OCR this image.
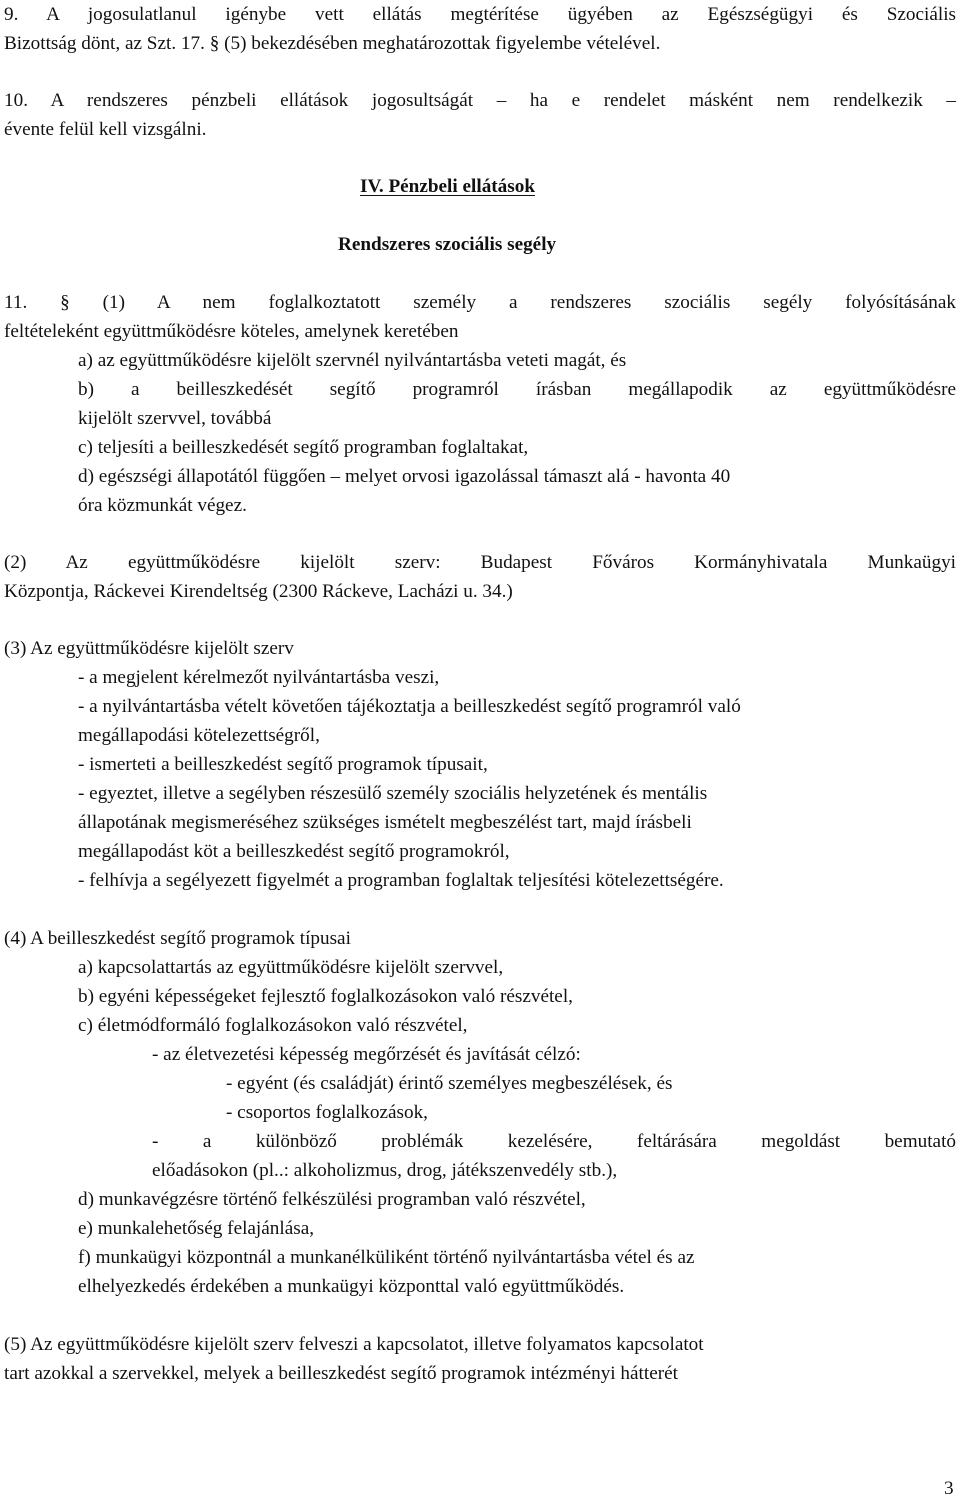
9. A jogosulatlanul igénybe vett ellátás megtérítése ügyében az Egészségügyi és Szociális
Bizottság dönt, az Szt. 17. § (5) bekezdésében meghatározottak figyelembe vételével.
10. A rendszeres pénzbeli ellátások jogosultságát – ha e rendelet másként nem rendelkezik –
évente felül kell vizsgálni.
IV. Pénzbeli ellátások
Rendszeres szociális segély
11. § (1) A nem foglalkoztatott személy a rendszeres szociális segély folyósításának
feltételeként együttműködésre köteles, amelynek keretében
a) az együttműködésre kijelölt szervnél nyilvántartásba veteti magát, és
b) a beilleszkedését segítő programról írásban megállapodik az együttműködésre
kijelölt szervvel, továbbá
c) teljesíti a beilleszkedését segítő programban foglaltakat,
d) egészségi állapotától függően – melyet orvosi igazolással támaszt alá - havonta 40
óra közmunkát végez.
(2) Az együttműködésre kijelölt szerv: Budapest Főváros Kormányhivatala Munkaügyi
Központja, Ráckevei Kirendeltség (2300 Ráckeve, Lacházi u. 34.)
(3) Az együttműködésre kijelölt szerv
- a megjelent kérelmezőt nyilvántartásba veszi,
- a nyilvántartásba vételt követően tájékoztatja a beilleszkedést segítő programról való
megállapodási kötelezettségről,
- ismerteti a beilleszkedést segítő programok típusait,
- egyeztet, illetve a segélyben részesülő személy szociális helyzetének és mentális
állapotának megismeréséhez szükséges ismételt megbeszélést tart, majd írásbeli
megállapodást köt a beilleszkedést segítő programokról,
- felhívja a segélyezett figyelmét a programban foglaltak teljesítési kötelezettségére.
(4) A beilleszkedést segítő programok típusai
a) kapcsolattartás az együttműködésre kijelölt szervvel,
b) egyéni képességeket fejlesztő foglalkozásokon való részvétel,
c) életmódformáló foglalkozásokon való részvétel,
- az életvezetési képesség megőrzését és javítását célzó:
- egyént (és családját) érintő személyes megbeszélések, és
- csoportos foglalkozások,
- a különböző problémák kezelésére, feltárására megoldást bemutató
előadásokon (pl..: alkoholizmus, drog, játékszenvedély stb.),
d) munkavégzésre történő felkészülési programban való részvétel,
e) munkalehetőség felajánlása,
f) munkaügyi központnál a munkanélküliként történő nyilvántartásba vétel és az
elhelyezkedés érdekében a munkaügyi központtal való együttműködés.
(5) Az együttműködésre kijelölt szerv felveszi a kapcsolatot, illetve folyamatos kapcsolatot
tart azokkal a szervekkel, melyek a beilleszkedést segítő programok intézményi hátterét
3
